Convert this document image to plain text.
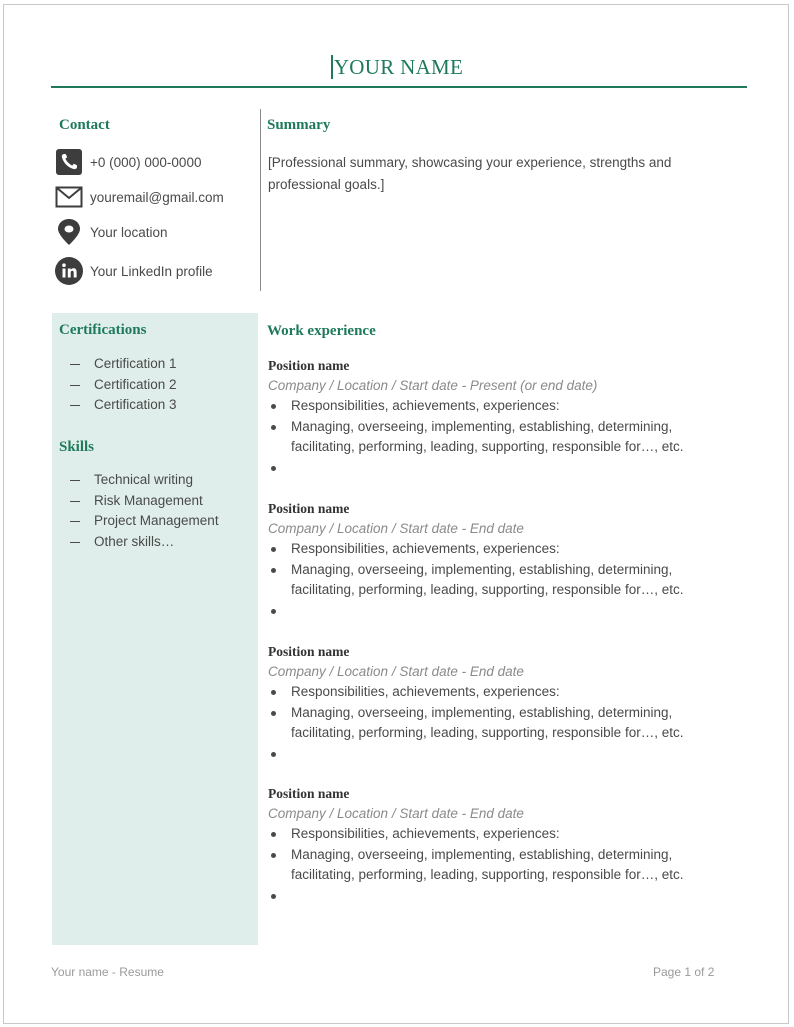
YOUR NAME
Contact
+0 (000) 000-0000
youremail@gmail.com
Your location
Your LinkedIn profile
Summary
[Professional summary, showcasing your experience, strengths and professional goals.]
Certifications
Certification 1
Certification 2
Certification 3
Skills
Technical writing
Risk Management
Project Management
Other skills…
Work experience
Position name
Company / Location / Start date - Present (or end date)
Responsibilities, achievements, experiences:
Managing, overseeing, implementing, establishing, determining, facilitating, performing, leading, supporting, responsible for…, etc.
Position name
Company / Location / Start date - End date
Responsibilities, achievements, experiences:
Managing, overseeing, implementing, establishing, determining, facilitating, performing, leading, supporting, responsible for…, etc.
Position name
Company / Location / Start date - End date
Responsibilities, achievements, experiences:
Managing, overseeing, implementing, establishing, determining, facilitating, performing, leading, supporting, responsible for…, etc.
Position name
Company / Location / Start date - End date
Responsibilities, achievements, experiences:
Managing, overseeing, implementing, establishing, determining, facilitating, performing, leading, supporting, responsible for…, etc.
Your name - Resume	Page 1 of 2
